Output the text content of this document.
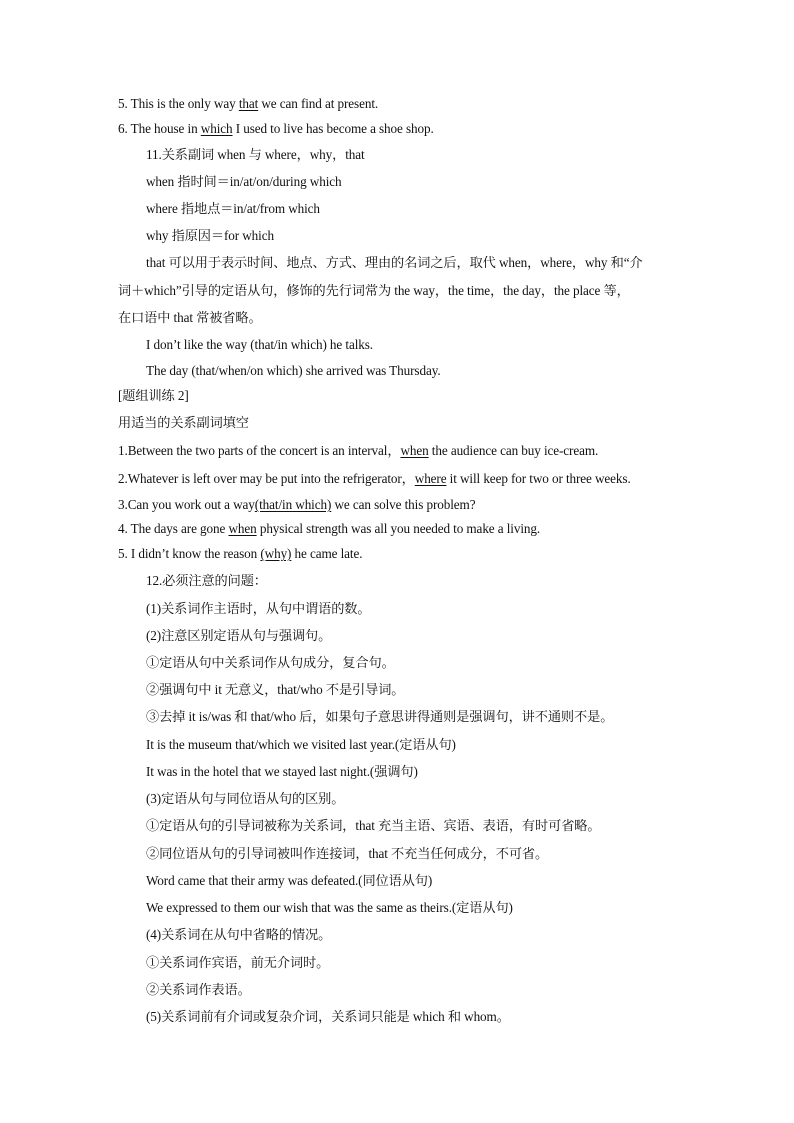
5. This is the only way that we can find at present.
6. The house in which I used to live has become a shoe shop.
11.关系副词 when 与 where，why，that
when 指时间＝in/at/on/during which
where 指地点＝in/at/from which
why 指原因＝for which
that 可以用于表示时间、地点、方式、理由的名词之后，取代 when，where，why 和“介
词＋which”引导的定语从句，修饰的先行词常为 the way，the time，the day，the place 等，
在口语中 that 常被省略。
I don’t like the way (that/in which) he talks.
The day (that/when/on which) she arrived was Thursday.
[题组训练 2]
用适当的关系副词填空
1.Between the two parts of the concert is an interval，when the audience can buy ice-cream.
2.Whatever is left over may be put into the refrigerator，where it will keep for two or three weeks.
3.Can you work out a way(that/in which) we can solve this problem?
4. The days are gone when physical strength was all you needed to make a living.
5. I didn’t know the reason (why) he came late.
12.必须注意的问题：
(1)关系词作主语时，从句中谓语的数。
(2)注意区别定语从句与强调句。
①定语从句中关系词作从句成分，复合句。
②强调句中 it 无意义，that/who 不是引导词。
③去掉 it is/was 和 that/who 后，如果句子意思讲得通则是强调句，讲不通则不是。
It is the museum that/which we visited last year.(定语从句)
It was in the hotel that we stayed last night.(强调句)
(3)定语从句与同位语从句的区别。
①定语从句的引导词被称为关系词，that 充当主语、宾语、表语，有时可省略。
②同位语从句的引导词被叫作连接词，that 不充当任何成分，不可省。
Word came that their army was defeated.(同位语从句)
We expressed to them our wish that was the same as theirs.(定语从句)
(4)关系词在从句中省略的情况。
①关系词作宾语，前无介词时。
②关系词作表语。
(5)关系词前有介词或复杂介词，关系词只能是 which 和 whom。
